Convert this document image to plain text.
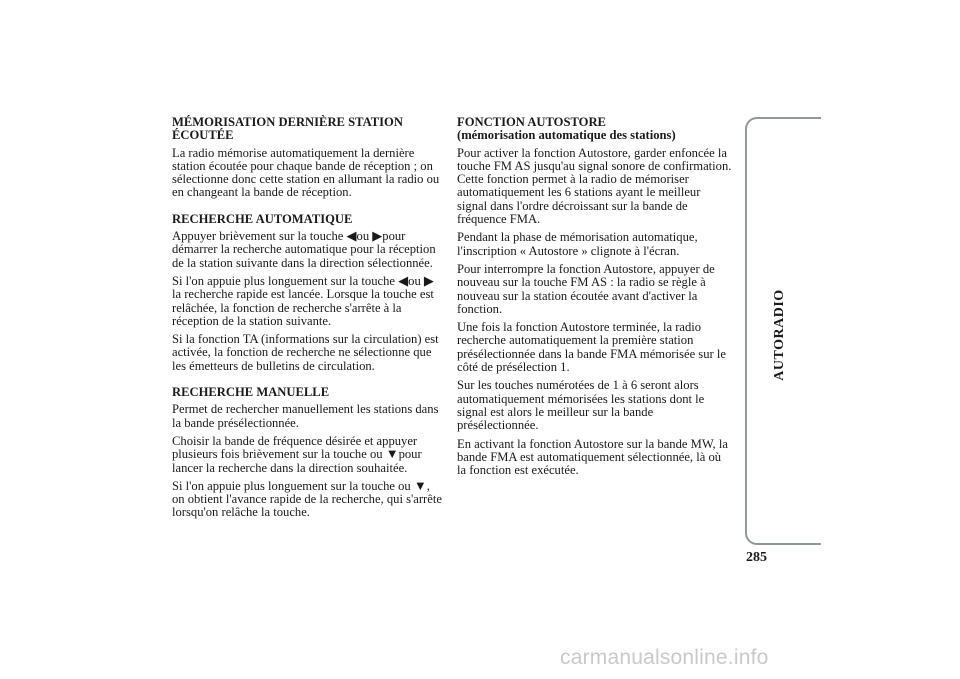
MÉMORISATION DERNIÈRE STATION ÉCOUTÉE

La radio mémorise automatiquement la dernière station écoutée pour chaque bande de réception ; on sélectionne donc cette station en allumant la radio ou en changeant la bande de réception.

RECHERCHE AUTOMATIQUE

Appuyer brièvement sur la touche ◀ou ▶pour démarrer la recherche automatique pour la réception de la station suivante dans la direction sélectionnée.

Si l'on appuie plus longuement sur la touche ◀ou ▶ la recherche rapide est lancée. Lorsque la touche est relâchée, la fonction de recherche s'arrête à la réception de la station suivante.

Si la fonction TA (informations sur la circulation) est activée, la fonction de recherche ne sélectionne que les émetteurs de bulletins de circulation.

RECHERCHE MANUELLE

Permet de rechercher manuellement les stations dans la bande présélectionnée.

Choisir la bande de fréquence désirée et appuyer plusieurs fois brièvement sur la touche ou ▼pour lancer la recherche dans la direction souhaitée.

Si l'on appuie plus longuement sur la touche ou ▼, on obtient l'avance rapide de la recherche, qui s'arrête lorsqu'on relâche la touche.

FONCTION AUTOSTORE
(mémorisation automatique des stations)

Pour activer la fonction Autostore, garder enfoncée la touche FM AS jusqu'au signal sonore de confirmation. Cette fonction permet à la radio de mémoriser automatiquement les 6 stations ayant le meilleur signal dans l'ordre décroissant sur la bande de fréquence FMA.

Pendant la phase de mémorisation automatique, l'inscription « Autostore » clignote à l'écran.

Pour interrompre la fonction Autostore, appuyer de nouveau sur la touche FM AS : la radio se règle à nouveau sur la station écoutée avant d'activer la fonction.

Une fois la fonction Autostore terminée, la radio recherche automatiquement la première station présélectionnée dans la bande FMA mémorisée sur le côté de présélection 1.

Sur les touches numérotées de 1 à 6 seront alors automatiquement mémorisées les stations dont le signal est alors le meilleur sur la bande présélectionnée.

En activant la fonction Autostore sur la bande MW, la bande FMA est automatiquement sélectionnée, là où la fonction est exécutée.

AUTORADIO
285
carmanualsonline.info
